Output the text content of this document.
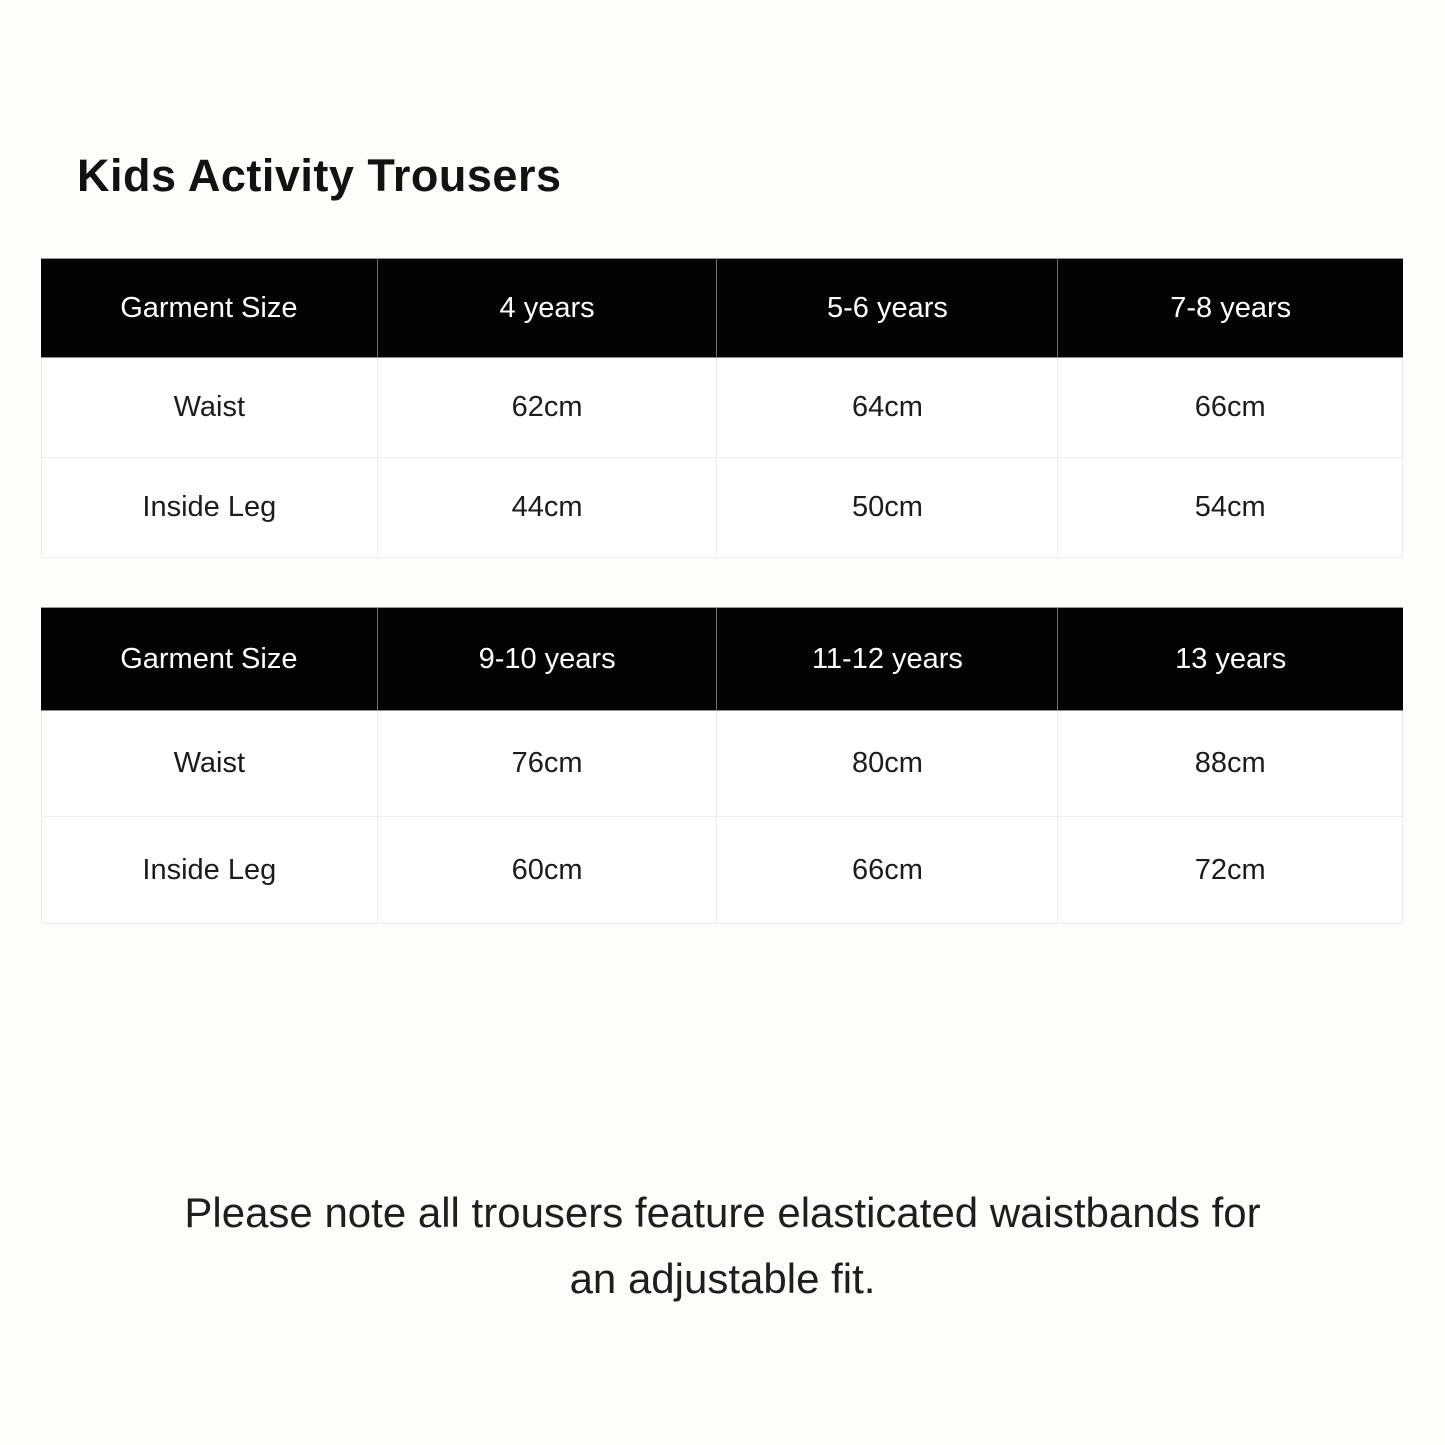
Kids Activity Trousers
Garment Size	4 years	5-6 years	7-8 years
Waist	62cm	64cm	66cm
Inside Leg	44cm	50cm	54cm
Garment Size	9-10 years	11-12 years	13 years
Waist	76cm	80cm	88cm
Inside Leg	60cm	66cm	72cm

Please note all trousers feature elasticated waistbands for
an adjustable fit.
